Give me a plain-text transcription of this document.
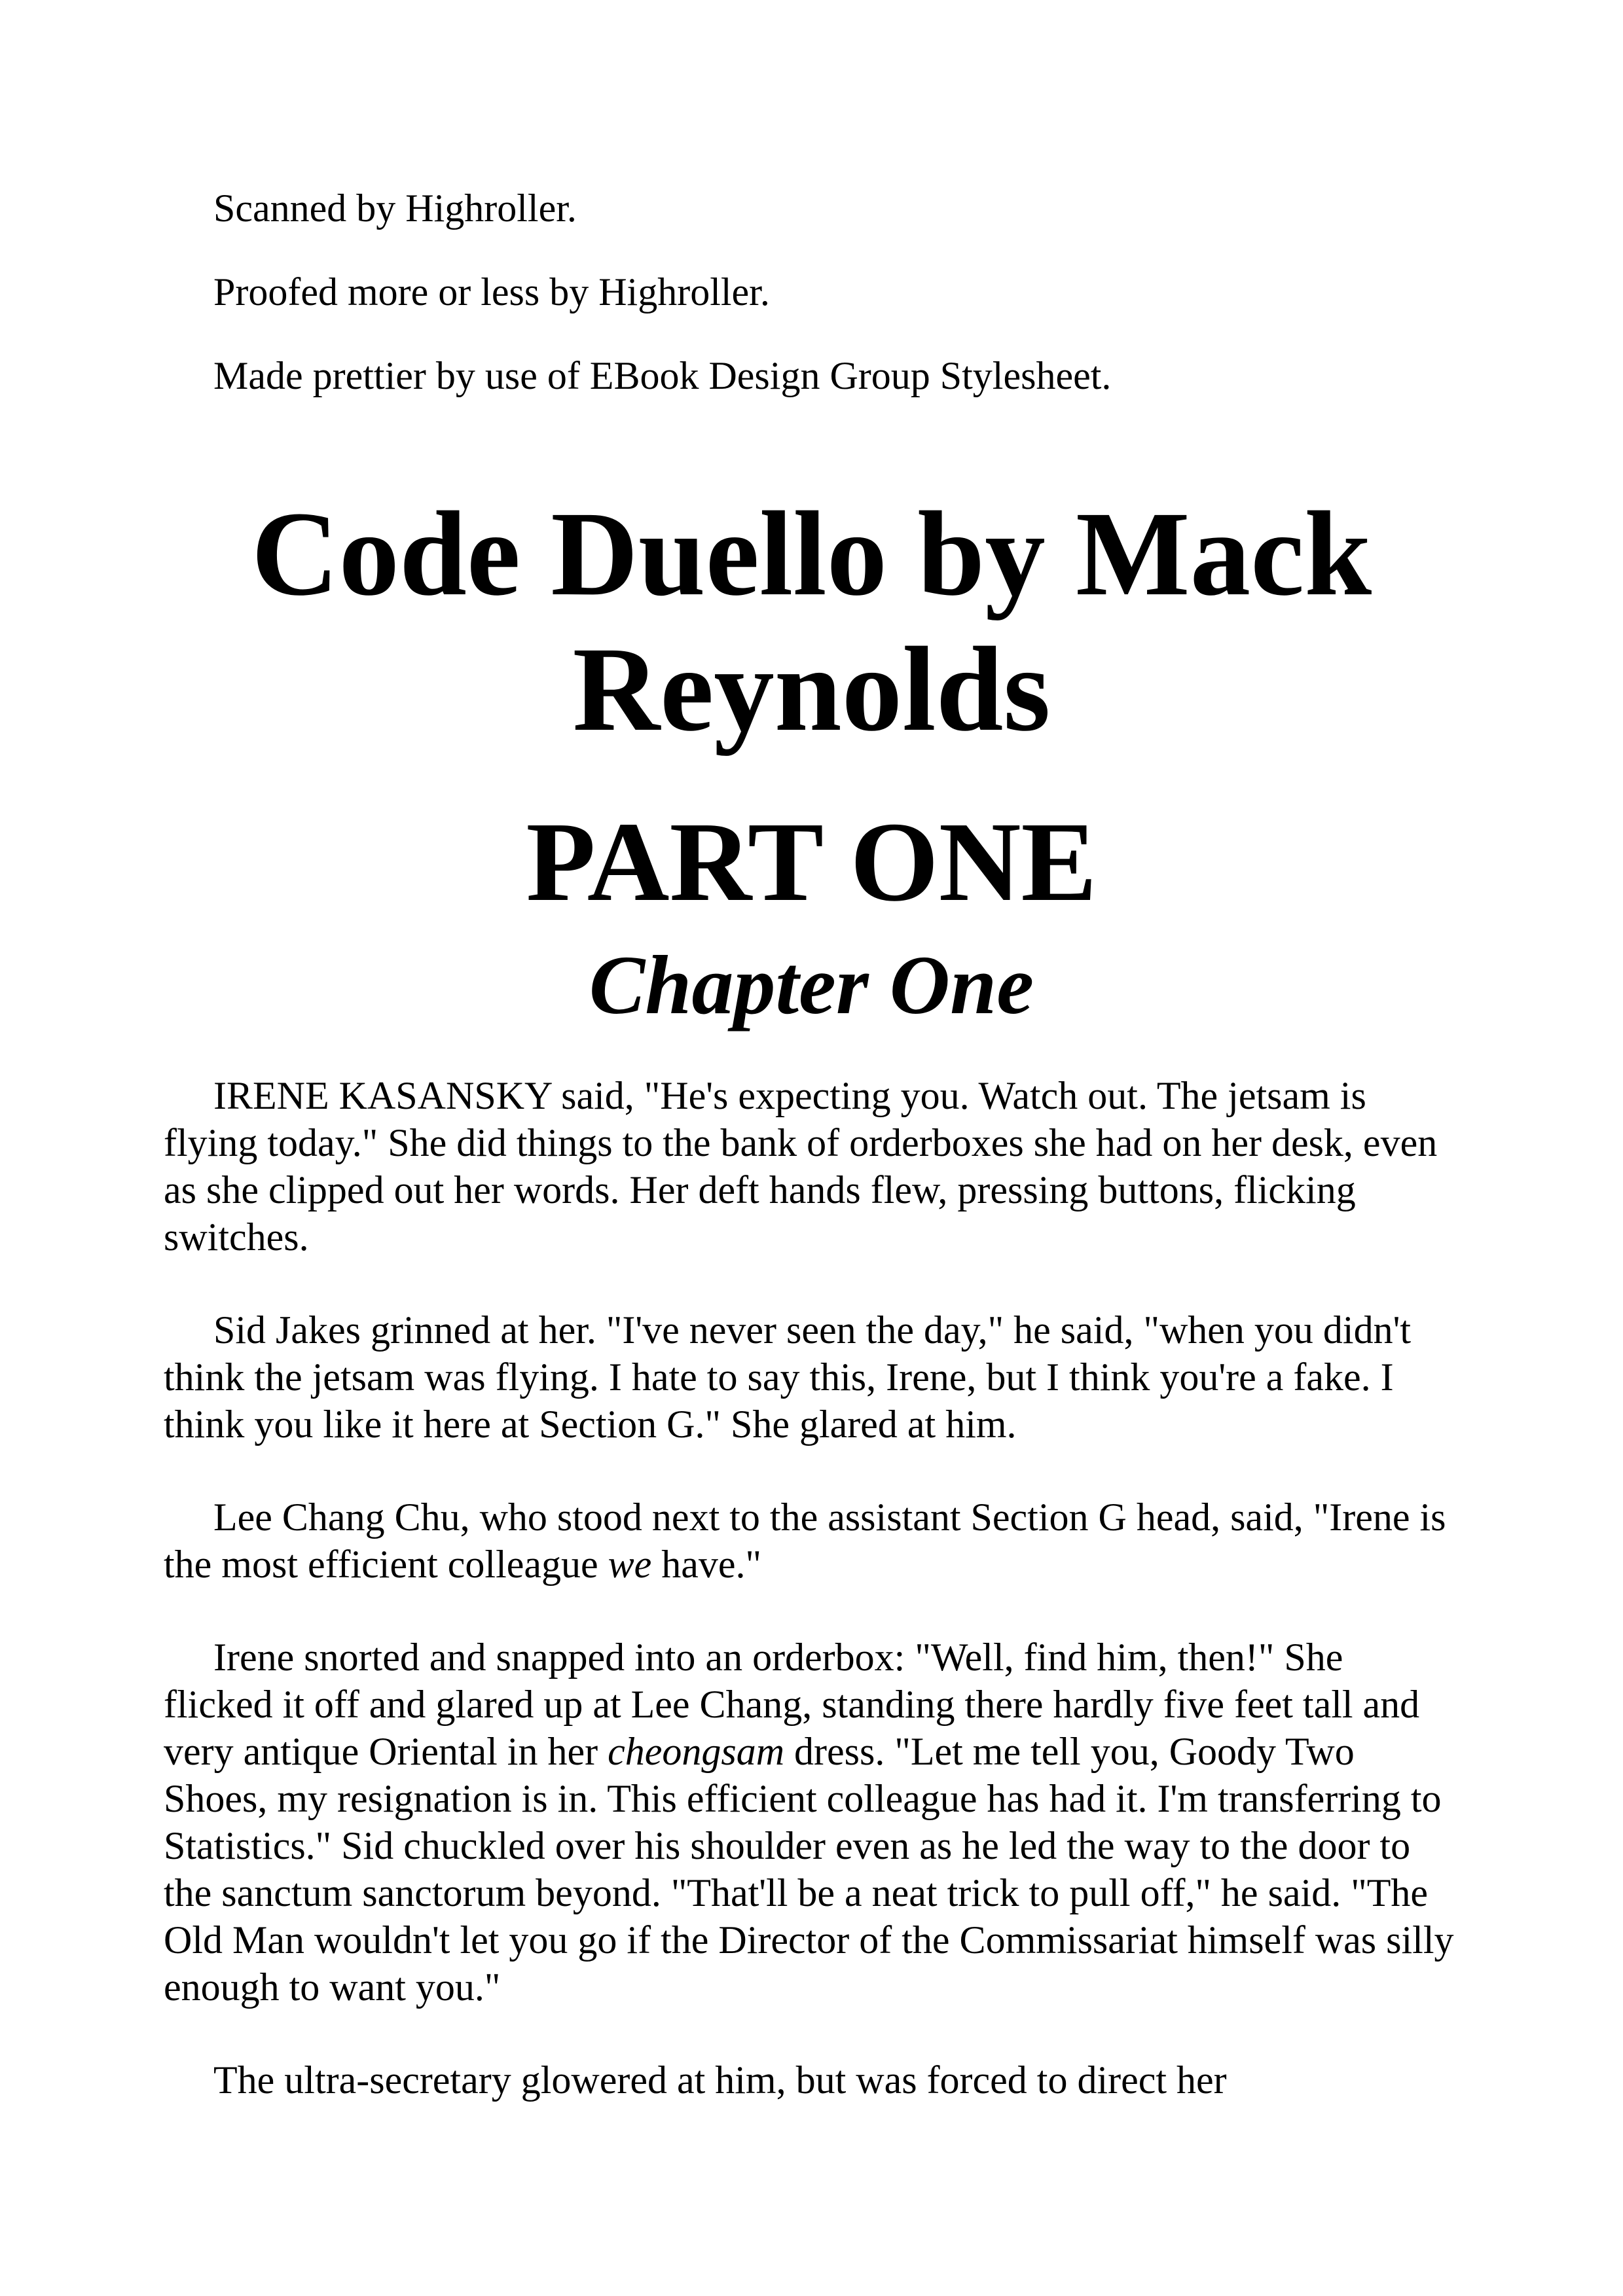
Scanned by Highroller.

Proofed more or less by Highroller.

Made prettier by use of EBook Design Group Stylesheet.

Code Duello by Mack Reynolds
PART ONE
Chapter One

IRENE KASANSKY said, "He's expecting you. Watch out. The jetsam is flying today." She did things to the bank of orderboxes she had on her desk, even as she clipped out her words. Her deft hands flew, pressing buttons, flicking switches.

Sid Jakes grinned at her. "I've never seen the day," he said, "when you didn't think the jetsam was flying. I hate to say this, Irene, but I think you're a fake. I think you like it here at Section G." She glared at him.

Lee Chang Chu, who stood next to the assistant Section G head, said, "Irene is the most efficient colleague we have."

Irene snorted and snapped into an orderbox: "Well, find him, then!" She flicked it off and glared up at Lee Chang, standing there hardly five feet tall and very antique Oriental in her cheongsam dress. "Let me tell you, Goody Two Shoes, my resignation is in. This efficient colleague has had it. I'm transferring to Statistics." Sid chuckled over his shoulder even as he led the way to the door to the sanctum sanctorum beyond. "That'll be a neat trick to pull off," he said. "The Old Man wouldn't let you go if the Director of the Commissariat himself was silly enough to want you."

The ultra-secretary glowered at him, but was forced to direct her
